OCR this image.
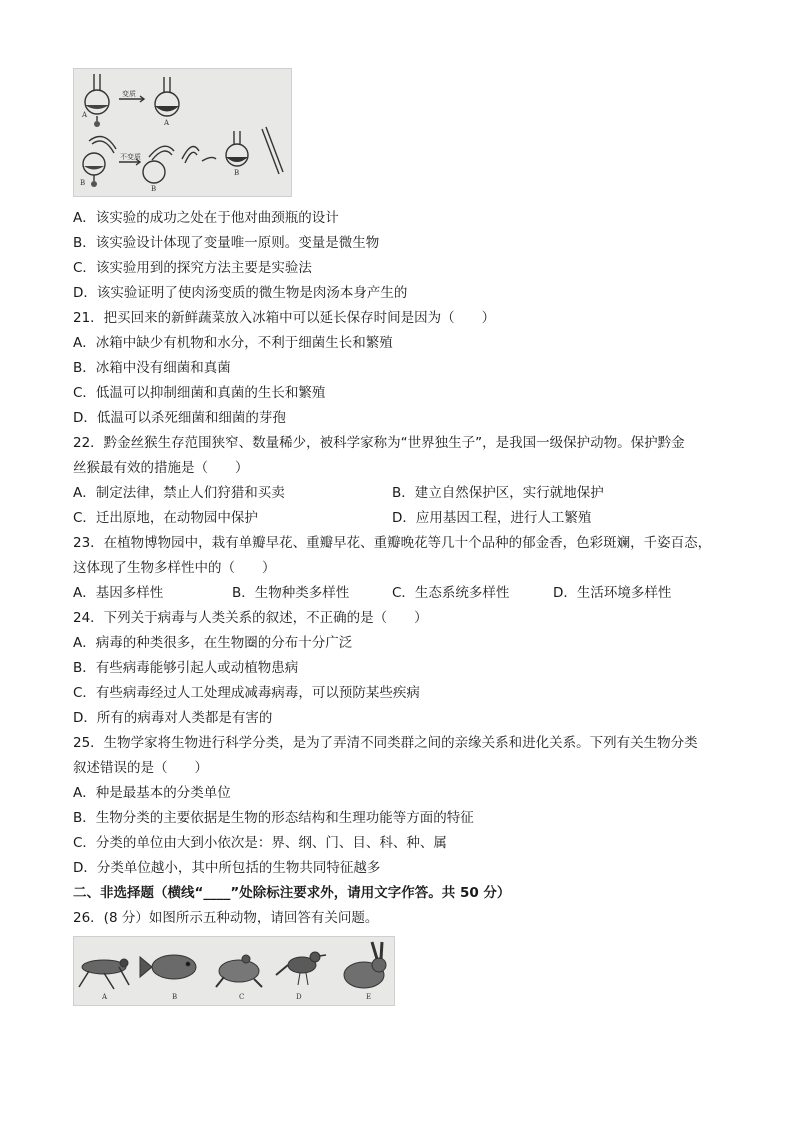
A
A
变质
B
B
B
不变质
A．该实验的成功之处在于他对曲颈瓶的设计
B．该实验设计体现了变量唯一原则。变量是微生物
C．该实验用到的探究方法主要是实验法
D．该实验证明了使肉汤变质的微生物是肉汤本身产生的
21．把买回来的新鲜蔬菜放入冰箱中可以延长保存时间是因为（　　）
A．冰箱中缺少有机物和水分，不利于细菌生长和繁殖
B．冰箱中没有细菌和真菌
C．低温可以抑制细菌和真菌的生长和繁殖
D．低温可以杀死细菌和细菌的芽孢
22．黔金丝猴生存范围狭窄、数量稀少，被科学家称为“世界独生子”，是我国一级保护动物。保护黔金
丝猴最有效的措施是（　　）
A．制定法律，禁止人们狩猎和买卖	B．建立自然保护区，实行就地保护
C．迁出原地，在动物园中保护	D．应用基因工程，进行人工繁殖
23．在植物博物园中，栽有单瓣早花、重瓣早花、重瓣晚花等几十个品种的郁金香，色彩斑斓，千姿百态，
这体现了生物多样性中的（　　）
A．基因多样性	B．生物种类多样性	C．生态系统多样性	D．生活环境多样性
24．下列关于病毒与人类关系的叙述，不正确的是（　　）
A．病毒的种类很多，在生物圈的分布十分广泛
B．有些病毒能够引起人或动植物患病
C．有些病毒经过人工处理成减毒病毒，可以预防某些疾病
D．所有的病毒对人类都是有害的
25．生物学家将生物进行科学分类，是为了弄清不同类群之间的亲缘关系和进化关系。下列有关生物分类
叙述错误的是（　　）
A．种是最基本的分类单位
B．生物分类的主要依据是生物的形态结构和生理功能等方面的特征
C．分类的单位由大到小依次是：界、纲、门、目、科、种、属
D．分类单位越小，其中所包括的生物共同特征越多
二、非选择题（横线“____”处除标注要求外，请用文字作答。共 50 分）
26．(8 分）如图所示五种动物，请回答有关问题。
A	B	C	D	E
